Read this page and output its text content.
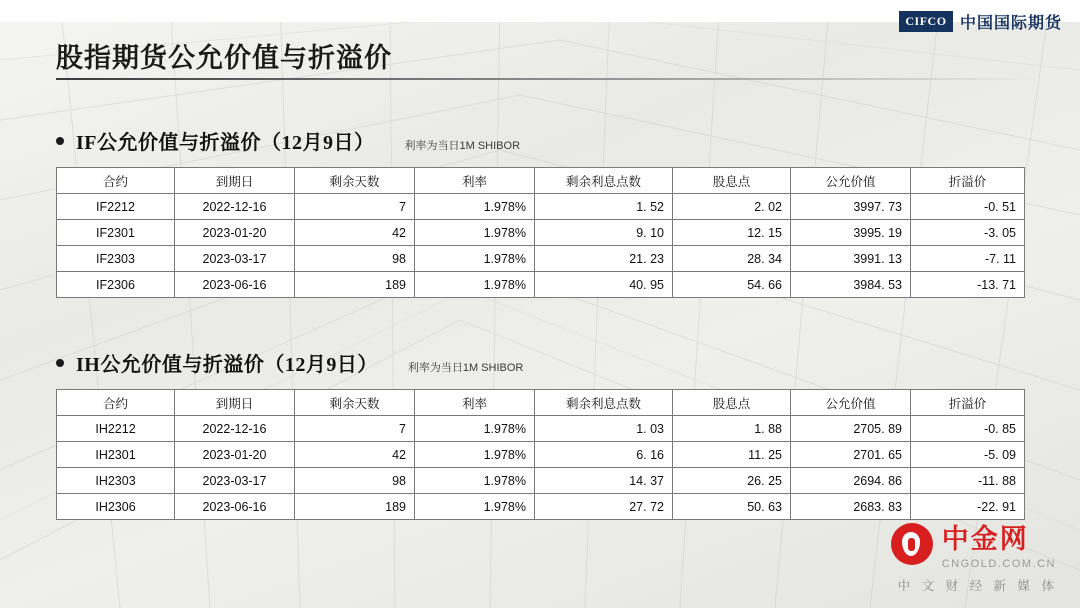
CIFCO 中国国际期货
股指期货公允价值与折溢价
IF公允价值与折溢价（12月9日）	利率为当日1M SHIBOR
合约	到期日	剩余天数	利率	剩余利息点数	股息点	公允价值	折溢价
IF2212	2022-12-16	7	1.978%	1. 52	2. 02	3997. 73	-0. 51
IF2301	2023-01-20	42	1.978%	9. 10	12. 15	3995. 19	-3. 05
IF2303	2023-03-17	98	1.978%	21. 23	28. 34	3991. 13	-7. 11
IF2306	2023-06-16	189	1.978%	40. 95	54. 66	3984. 53	-13. 71
IH公允价值与折溢价（12月9日）	利率为当日1M SHIBOR
合约	到期日	剩余天数	利率	剩余利息点数	股息点	公允价值	折溢价
IH2212	2022-12-16	7	1.978%	1. 03	1. 88	2705. 89	-0. 85
IH2301	2023-01-20	42	1.978%	6. 16	11. 25	2701. 65	-5. 09
IH2303	2023-03-17	98	1.978%	14. 37	26. 25	2694. 86	-11. 88
IH2306	2023-06-16	189	1.978%	27. 72	50. 63	2683. 83	-22. 91
中金网
CNGOLD.COM.CN
中 文 财 经 新 媒 体
